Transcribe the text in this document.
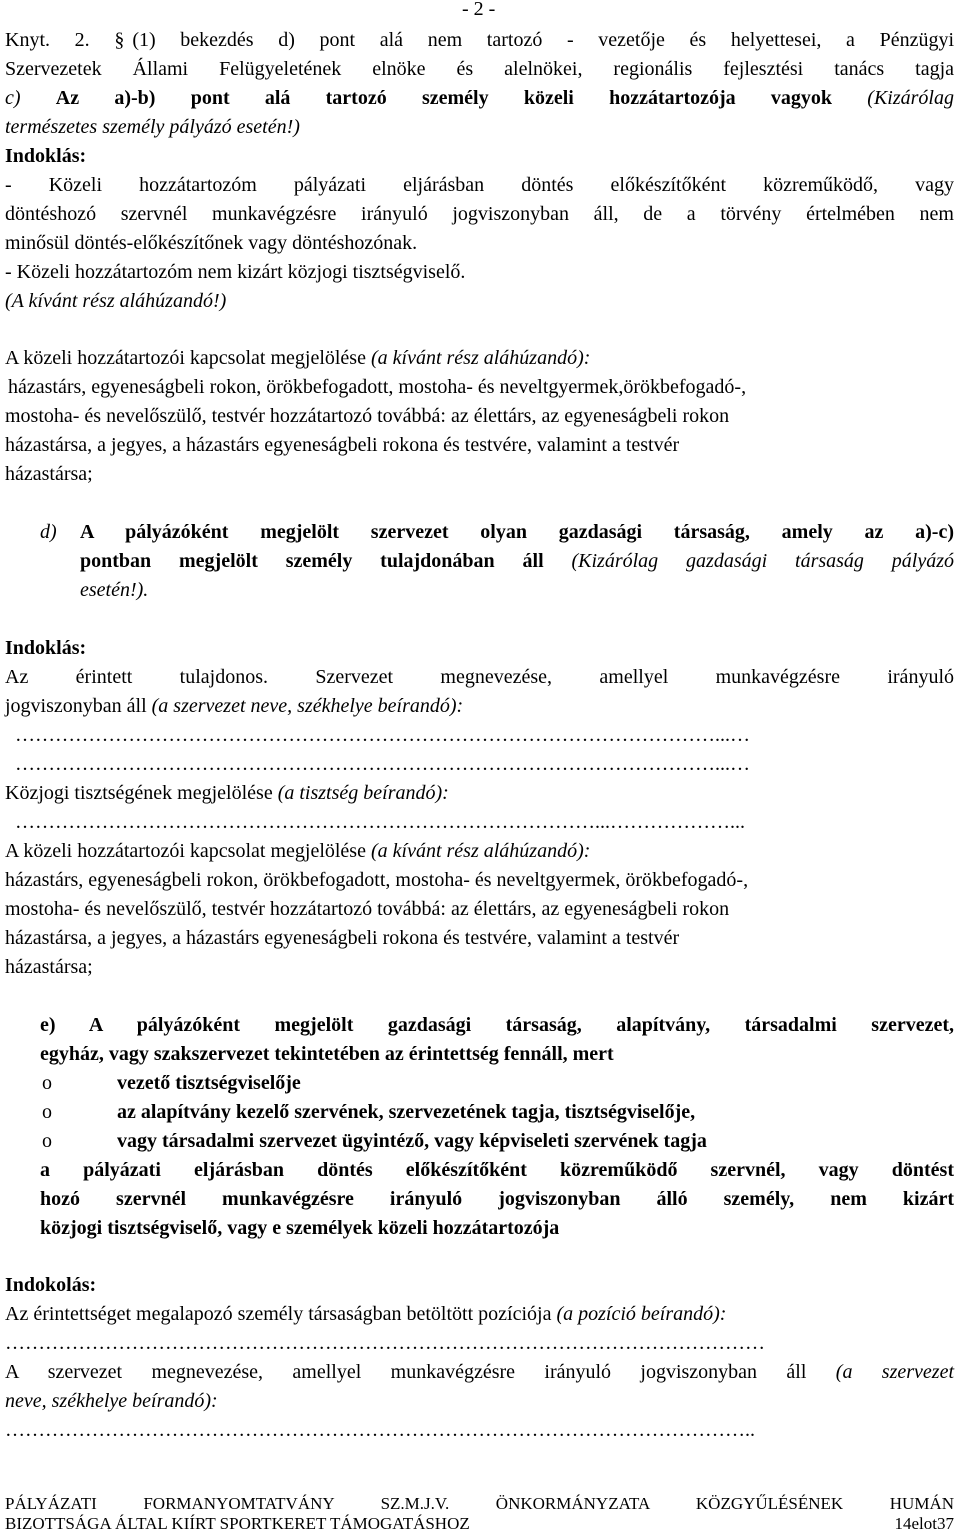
- 2 -
Knyt. 2. § (1) bekezdés d) pont alá nem tartozó - vezetője és helyettesei, a Pénzügyi
Szervezetek Állami Felügyeletének elnöke és alelnökei, regionális fejlesztési tanács tagja
c) Az a)-b) pont alá tartozó személy közeli hozzátartozója vagyok (Kizárólag
természetes személy pályázó esetén!)
Indoklás:
- Közeli hozzátartozóm pályázati eljárásban döntés előkészítőként közreműködő, vagy
döntéshozó szervnél munkavégzésre irányuló jogviszonyban áll, de a törvény értelmében nem
minősül döntés-előkészítőnek vagy döntéshozónak.
- Közeli hozzátartozóm nem kizárt közjogi tisztségviselő.
(A kívánt rész aláhúzandó!)
A közeli hozzátartozói kapcsolat megjelölése (a kívánt rész aláhúzandó):
házastárs, egyeneságbeli rokon, örökbefogadott, mostoha- és neveltgyermek,örökbefogadó-,
mostoha- és nevelőszülő, testvér hozzátartozó továbbá: az élettárs, az egyeneságbeli rokon
házastársa, a jegyes, a házastárs egyeneságbeli rokona és testvére, valamint a testvér
házastársa;
d)	A pályázóként megjelölt szervezet olyan gazdasági társaság, amely az a)-c)
pontban megjelölt személy tulajdonában áll (Kizárólag gazdasági társaság pályázó
esetén!).
Indoklás:
Az érintett tulajdonos. Szervezet megnevezése, amellyel munkavégzésre irányuló
jogviszonyban áll (a szervezet neve, székhelye beírandó):
……………………………………………………………………………………………...…
……………………………………………………………………………………………...…
Közjogi tisztségének megjelölése (a tisztség beírandó):
……………………………………………………………………………...………………...
A közeli hozzátartozói kapcsolat megjelölése (a kívánt rész aláhúzandó):
házastárs, egyeneságbeli rokon, örökbefogadott, mostoha- és neveltgyermek, örökbefogadó-,
mostoha- és nevelőszülő, testvér hozzátartozó továbbá: az élettárs, az egyeneságbeli rokon
házastársa, a jegyes, a házastárs egyeneságbeli rokona és testvére, valamint a testvér
házastársa;
e) A pályázóként megjelölt gazdasági társaság, alapítvány, társadalmi szervezet,
egyház, vagy szakszervezet tekintetében az érintettség fennáll, mert
o	vezető tisztségviselője
o	az alapítvány kezelő szervének, szervezetének tagja, tisztségviselője,
o	vagy társadalmi szervezet ügyintéző, vagy képviseleti szervének tagja
a pályázati eljárásban döntés előkészítőként közreműködő szervnél, vagy döntést
hozó szervnél munkavégzésre irányuló jogviszonyban álló személy, nem kizárt
közjogi tisztségviselő, vagy e személyek közeli hozzátartozója
Indokolás:
Az érintettséget megalapozó személy társaságban betöltött pozíciója (a pozíció beírandó):
……………………………………………………………………………………………………
A szervezet megnevezése, amellyel munkavégzésre irányuló jogviszonyban áll (a szervezet
neve, székhelye beírandó):
…………………………………………………………………………………………………..
PÁLYÁZATI FORMANYOMTATVÁNY SZ.M.J.V. ÖNKORMÁNYZATA KÖZGYŰLÉSÉNEK HUMÁN
BIZOTTSÁGA ÁLTAL KIÍRT SPORTKERET TÁMOGATÁSHOZ	14elot37
